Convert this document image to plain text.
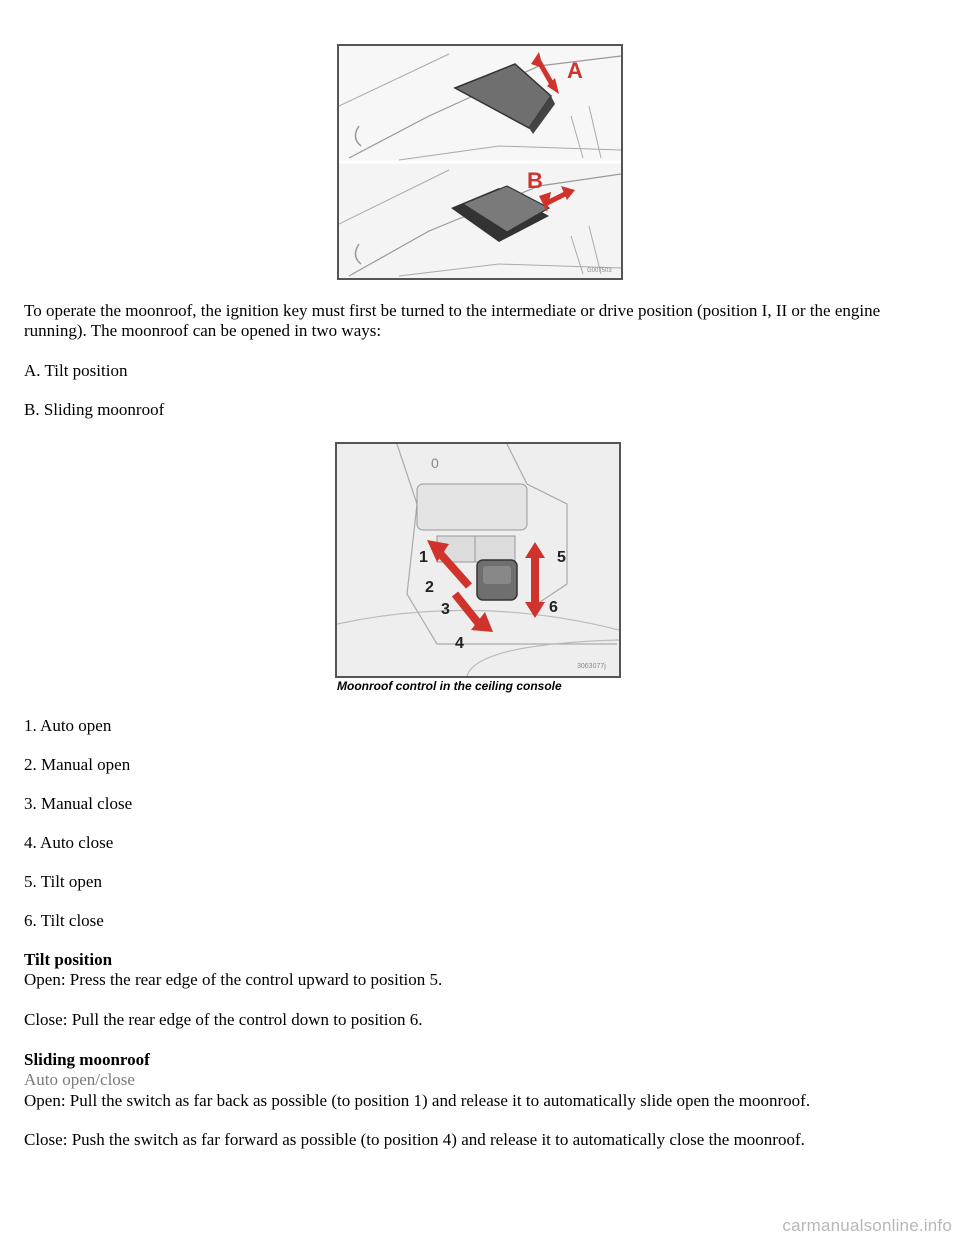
A
B
G007503
To operate the moonroof, the ignition key must first be turned to the intermediate or drive position (position I, II or the engine running). The moonroof can be opened in two ways:
A. Tilt position
B. Sliding moonroof
0
1
2
3
4
5
6
3063077j
Moonroof control in the ceiling console
1. Auto open
2. Manual open
3. Manual close
4. Auto close
5. Tilt open
6. Tilt close
Tilt position
Open: Press the rear edge of the control upward to position 5.
Close: Pull the rear edge of the control down to position 6.
Sliding moonroof
Auto open/close
Open: Pull the switch as far back as possible (to position 1) and release it to automatically slide open the moonroof.
Close: Push the switch as far forward as possible (to position 4) and release it to automatically close the moonroof.
carmanualsonline.info
